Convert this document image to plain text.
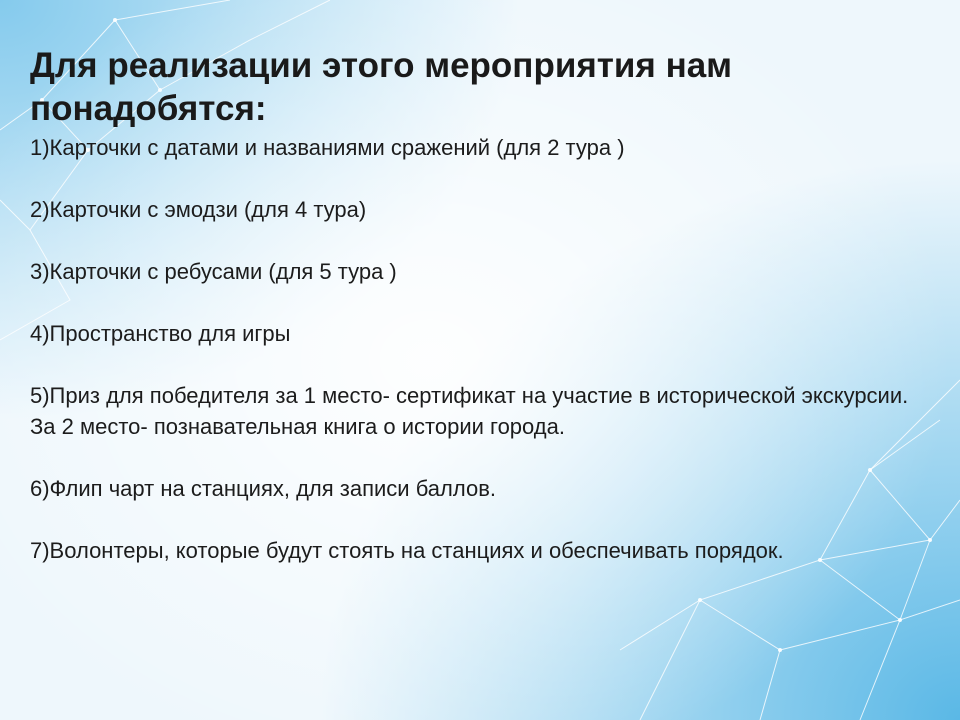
Для реализации этого мероприятия нам понадобятся:
1)Карточки с датами и названиями сражений (для 2 тура )
2)Карточки с эмодзи (для 4 тура)
3)Карточки с ребусами (для 5 тура )
4)Пространство для игры
5)Приз для победителя за 1 место- сертификат на участие в исторической экскурсии. За 2 место- познавательная книга о истории города.
6)Флип чарт на станциях, для записи баллов.
7)Волонтеры, которые будут стоять на станциях и обеспечивать порядок.
